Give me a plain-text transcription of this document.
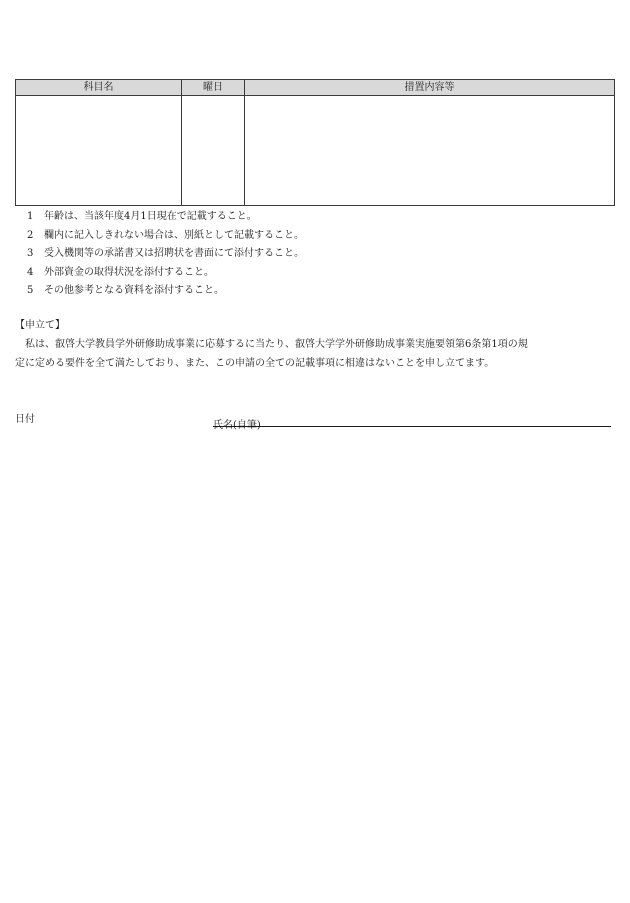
科目名	曜日	措置内容等

1	年齢は、当該年度4月1日現在で記載すること。
2	欄内に記入しきれない場合は、別紙として記載すること。
3	受入機関等の承諾書又は招聘状を書面にて添付すること。
4	外部資金の取得状況を添付すること。
5	その他参考となる資料を添付すること。
【申立て】
私は、叡啓大学教員学外研修助成事業に応募するに当たり、叡啓大学学外研修助成事業実施要領第6条第1項の規
定に定める要件を全て満たしており、また、この申請の全ての記載事項に相違はないことを申し立てます。
日付
氏名(自筆)
